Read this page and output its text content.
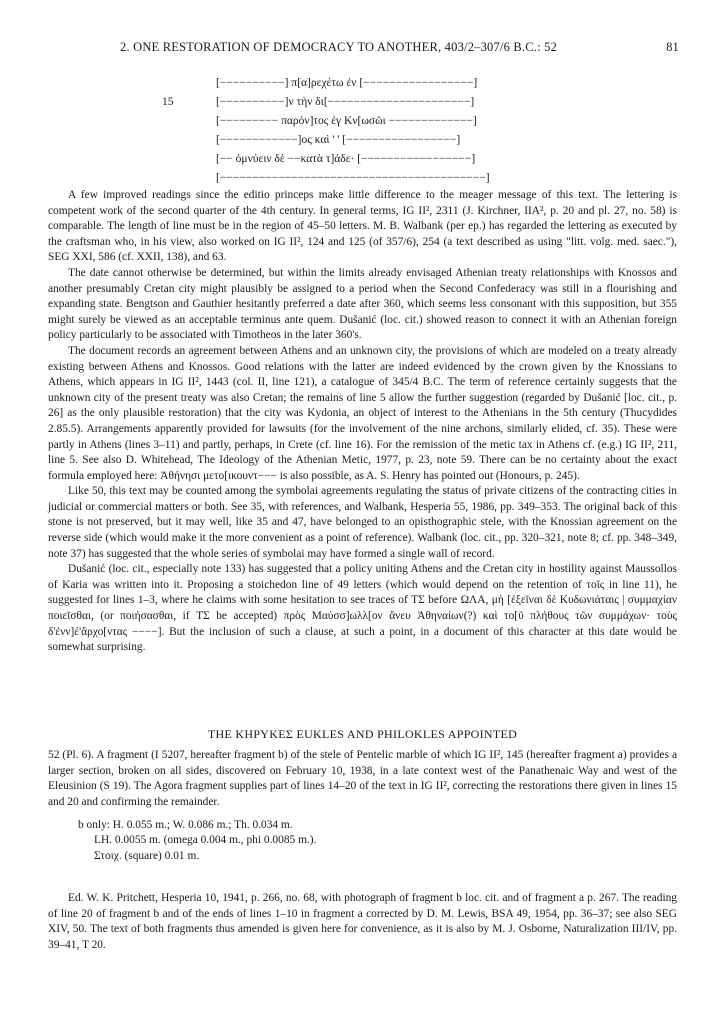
2. ONE RESTORATION OF DEMOCRACY TO ANOTHER, 403/2–307/6 B.C.: 52	81
[−−−−−−−−−−] π[α]ρεχέτω ἐν [−−−−−−−−−−−−−−−−−]
15	[−−−−−−−−−−]ν τὴν δι[−−−−−−−−−−−−−−−−−−−−−−]
[−−−−−−−−− παρόν]τος ἐγ Κν[ωσῶι −−−−−−−−−−−−−]
[−−−−−−−−−−−−]ος καὶ ' ' [−−−−−−−−−−−−−−−−−]
[−− ὀμνύειν δὲ −−κατὰ τ]άδε· [−−−−−−−−−−−−−−−−−]
[−−−−−−−−−−−−−−−−−−−−−−−−−−−−−−−−−−−−−−−−−]

A few improved readings since the editio princeps make little difference to the meager message of this text. The lettering is competent work of the second quarter of the 4th century. In general terms, IG II², 2311 (J. Kirchner, IIA², p. 20 and pl. 27, no. 58) is comparable. The length of line must be in the region of 45–50 letters. M. B. Walbank (per ep.) has regarded the lettering as executed by the craftsman who, in his view, also worked on IG II², 124 and 125 (of 357/6), 254 (a text described as using "litt. volg. med. saec."), SEG XXI, 586 (cf. XXII, 138), and 63.

The date cannot otherwise be determined, but within the limits already envisaged Athenian treaty relationships with Knossos and another presumably Cretan city might plausibly be assigned to a period when the Second Confederacy was still in a flourishing and expanding state. Bengtson and Gauthier hesitantly preferred a date after 360, which seems less consonant with this supposition, but 355 might surely be viewed as an acceptable terminus ante quem. Dušanić (loc. cit.) showed reason to connect it with an Athenian foreign policy particularly to be associated with Timotheos in the later 360's.

The document records an agreement between Athens and an unknown city, the provisions of which are modeled on a treaty already existing between Athens and Knossos. Good relations with the latter are indeed evidenced by the crown given by the Knossians to Athens, which appears in IG II², 1443 (col. II, line 121), a catalogue of 345/4 B.C. The term of reference certainly suggests that the unknown city of the present treaty was also Cretan; the remains of line 5 allow the further suggestion (regarded by Dušanić [loc. cit., p. 26] as the only plausible restoration) that the city was Kydonia, an object of interest to the Athenians in the 5th century (Thucydides 2.85.5). Arrangements apparently provided for lawsuits (for the involvement of the nine archons, similarly elided, cf. 35). These were partly in Athens (lines 3–11) and partly, perhaps, in Crete (cf. line 16). For the remission of the metic tax in Athens cf. (e.g.) IG II², 211, line 5. See also D. Whitehead, The Ideology of the Athenian Metic, 1977, p. 23, note 59. There can be no certainty about the exact formula employed here: Ἀθήνησι μετο[ικουντ−−− is also possible, as A. S. Henry has pointed out (Honours, p. 245).

Like 50, this text may be counted among the symbolai agreements regulating the status of private citizens of the contracting cities in judicial or commercial matters or both. See 35, with references, and Walbank, Hesperia 55, 1986, pp. 349–353. The original back of this stone is not preserved, but it may well, like 35 and 47, have belonged to an opisthographic stele, with the Knossian agreement on the reverse side (which would make it the more convenient as a point of reference). Walbank (loc. cit., pp. 320–321, note 8; cf. pp. 348–349, note 37) has suggested that the whole series of symbolai may have formed a single wall of record.

Dušanić (loc. cit., especially note 133) has suggested that a policy uniting Athens and the Cretan city in hostility against Maussollos of Karia was written into it. Proposing a stoichedon line of 49 letters (which would depend on the retention of τοῖς in line 11), he suggested for lines 1–3, where he claims with some hesitation to see traces of ΤΣ before ΩΛΑ, μὴ [ἐξεῖναι δὲ Κυδωνιάταις | συμμαχίαν ποιεῖσθαι, (or ποιήσασθαι, if ΤΣ be accepted) πρὸς Μαύσσ]ωλλ[ον ἄνευ Ἀθηναίων(?) καὶ το[ῦ πλήθους τῶν συμμάχων· τοὺς δ'ἐνν]έ'ἄρχο[ντας −−−−]. But the inclusion of such a clause, at such a point, in a document of this character at this date would be somewhat surprising.

THE ΚΗΡΥΚΕΣ EUKLES AND PHILOKLES APPOINTED

52 (Pl. 6). A fragment (I 5207, hereafter fragment b) of the stele of Pentelic marble of which IG II², 145 (hereafter fragment a) provides a larger section, broken on all sides, discovered on February 10, 1938, in a late context west of the Panathenaic Way and west of the Eleusinion (S 19). The Agora fragment supplies part of lines 14–20 of the text in IG II², correcting the restorations there given in lines 15 and 20 and confirming the remainder.

b only: H. 0.055 m.; W. 0.086 m.; Th. 0.034 m.
LH. 0.0055 m. (omega 0.004 m., phi 0.0085 m.).
Στοιχ. (square) 0.01 m.

Ed. W. K. Pritchett, Hesperia 10, 1941, p. 266, no. 68, with photograph of fragment b loc. cit. and of fragment a p. 267. The reading of line 20 of fragment b and of the ends of lines 1–10 in fragment a corrected by D. M. Lewis, BSA 49, 1954, pp. 36–37; see also SEG XIV, 50. The text of both fragments thus amended is given here for convenience, as it is also by M. J. Osborne, Naturalization III/IV, pp. 39–41, T 20.
